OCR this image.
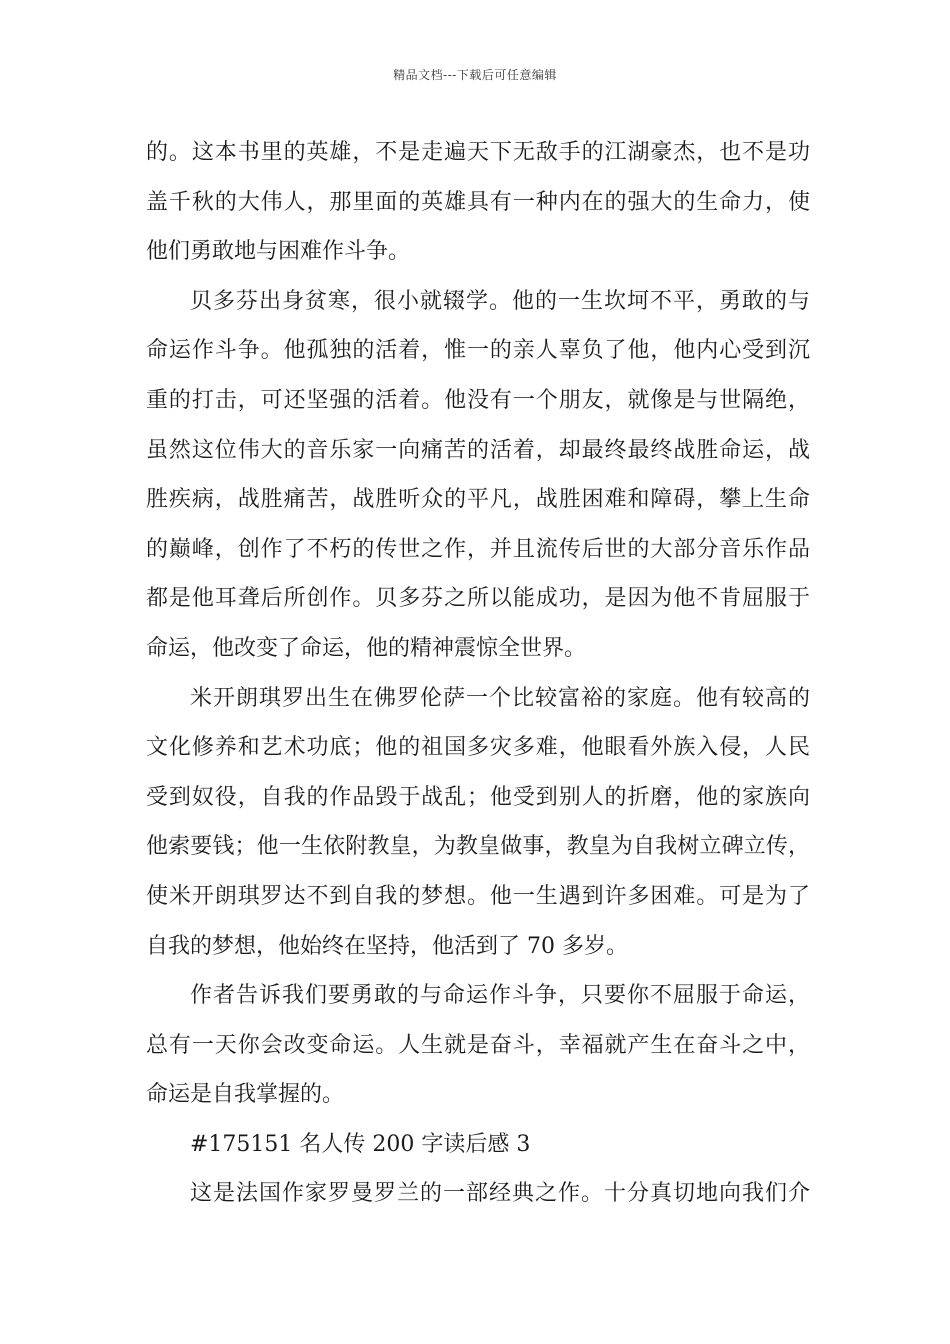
精品文档---下载后可任意编辑
的。这本书里的英雄，不是走遍天下无敌手的江湖豪杰，也不是功
盖千秋的大伟人，那里面的英雄具有一种内在的强大的生命力，使
他们勇敢地与困难作斗争。
贝多芬出身贫寒，很小就辍学。他的一生坎坷不平，勇敢的与
命运作斗争。他孤独的活着，惟一的亲人辜负了他，他内心受到沉
重的打击，可还坚强的活着。他没有一个朋友，就像是与世隔绝，
虽然这位伟大的音乐家一向痛苦的活着，却最终最终战胜命运，战
胜疾病，战胜痛苦，战胜听众的平凡，战胜困难和障碍，攀上生命
的巅峰，创作了不朽的传世之作，并且流传后世的大部分音乐作品
都是他耳聋后所创作。贝多芬之所以能成功，是因为他不肯屈服于
命运，他改变了命运，他的精神震惊全世界。
米开朗琪罗出生在佛罗伦萨一个比较富裕的家庭。他有较高的
文化修养和艺术功底；他的祖国多灾多难，他眼看外族入侵，人民
受到奴役，自我的作品毁于战乱；他受到别人的折磨，他的家族向
他索要钱；他一生依附教皇，为教皇做事，教皇为自我树立碑立传，
使米开朗琪罗达不到自我的梦想。他一生遇到许多困难。可是为了
自我的梦想，他始终在坚持，他活到了 70 多岁。
作者告诉我们要勇敢的与命运作斗争，只要你不屈服于命运，
总有一天你会改变命运。人生就是奋斗，幸福就产生在奋斗之中，
命运是自我掌握的。
#175151 名人传 200 字读后感 3
这是法国作家罗曼罗兰的一部经典之作。十分真切地向我们介
